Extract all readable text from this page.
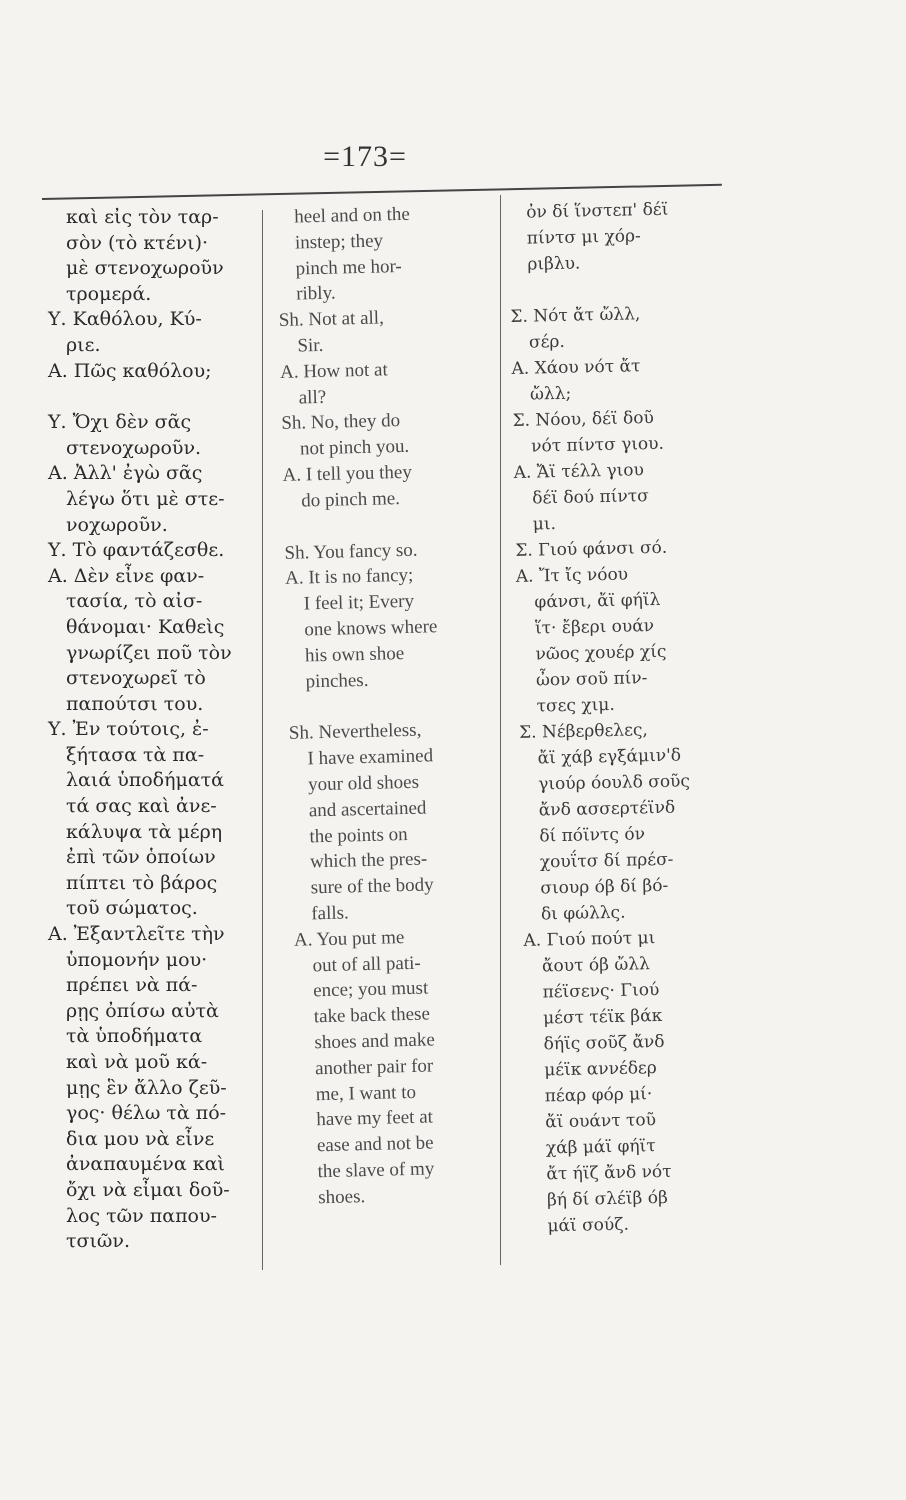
=173=
καὶ εἰς τὸν ταρ-
σὸν (τὸ κτένι)·
μὲ στενοχωροῦν
τρομερά.
Υ. Καθόλου, Κύ-
ριε.
Α. Πῶς καθόλου;
Υ. Ὄχι δὲν σᾶς
στενοχωροῦν.
Α. Ἀλλ' ἐγὼ σᾶς
λέγω ὅτι μὲ στε-
νοχωροῦν.
Υ. Τὸ φαντάζεσθε.
Α. Δὲν εἶνε φαν-
τασία, τὸ αἰσ-
θάνομαι· Καθεὶς
γνωρίζει ποῦ τὸν
στενοχωρεῖ τὸ
παπούτσι του.
Υ. Ἐν τούτοις, ἐ-
ξήτασα τὰ πα-
λαιά ὑποδήματά
τά σας καὶ ἀνε-
κάλυψα τὰ μέρη
ἐπὶ τῶν ὁποίων
πίπτει τὸ βάρος
τοῦ σώματος.
Α. Ἐξαντλεῖτε τὴν
ὑπομονήν μου·
πρέπει νὰ πά-
ρῃς ὀπίσω αὐτὰ
τὰ ὑποδήματα
καὶ νὰ μοῦ κά-
μῃς ἓν ἄλλο ζεῦ-
γος· θέλω τὰ πό-
δια μου νὰ εἶνε
ἀναπαυμένα καὶ
ὄχι νὰ εἶμαι δοῦ-
λος τῶν παπου-
τσιῶν.
heel and on the
instep; they
pinch me hor-
ribly.
Sh. Not at all,
Sir.
A. How not at
all?
Sh. No, they do
not pinch you.
A. I tell you they
do pinch me.
Sh. You fancy so.
A. It is no fancy;
I feel it; Every
one knows where
his own shoe
pinches.
Sh. Nevertheless,
I have examined
your old shoes
and ascertained
the points on
which the pres-
sure of the body
falls.
A. You put me
out of all pati-
ence; you must
take back these
shoes and make
another pair for
me, I want to
have my feet at
ease and not be
the slave of my
shoes.
ὀν δί ἵνστεπ' δέϊ
πίντσ μι χόρ-
ριβλυ.
Σ. Νότ ἄτ ὤλλ,
σέρ.
Α. Χάου νότ ἄτ
ὤλλ;
Σ. Νόου, δέϊ δοῦ
νότ πίντσ γιου.
Α. Ἄϊ τέλλ γιου
δέϊ δού πίντσ
μι.
Σ. Γιού φάνσι σό.
Α. Ἴτ ἴς νόου
φάνσι, ἄϊ φήϊλ
ἵτ· ἔβερι ουάν
νῶος χουέρ χίς
ὦον σοῦ πίν-
τσες χιμ.
Σ. Νέβερθελες,
ἄϊ χάβ εγξάμιν'δ
γιούρ όουλδ σοῦς
ἄνδ ασσερτέϊνδ
δί πόϊντς όν
χουΐτσ δί πρέσ-
σιουρ όβ δί βό-
δι φώλλς.
Α. Γιού πούτ μι
ἄουτ όβ ὤλλ
πέϊσενς· Γιού
μέστ τέϊκ βάκ
δήϊς σοῦζ ἄνδ
μέϊκ αννέδερ
πέαρ φόρ μί·
ἄϊ ουάντ τοῦ
χάβ μάϊ φήϊτ
ἄτ ήϊζ ἄνδ νότ
βή δί σλέϊβ όβ
μάϊ σούζ.
